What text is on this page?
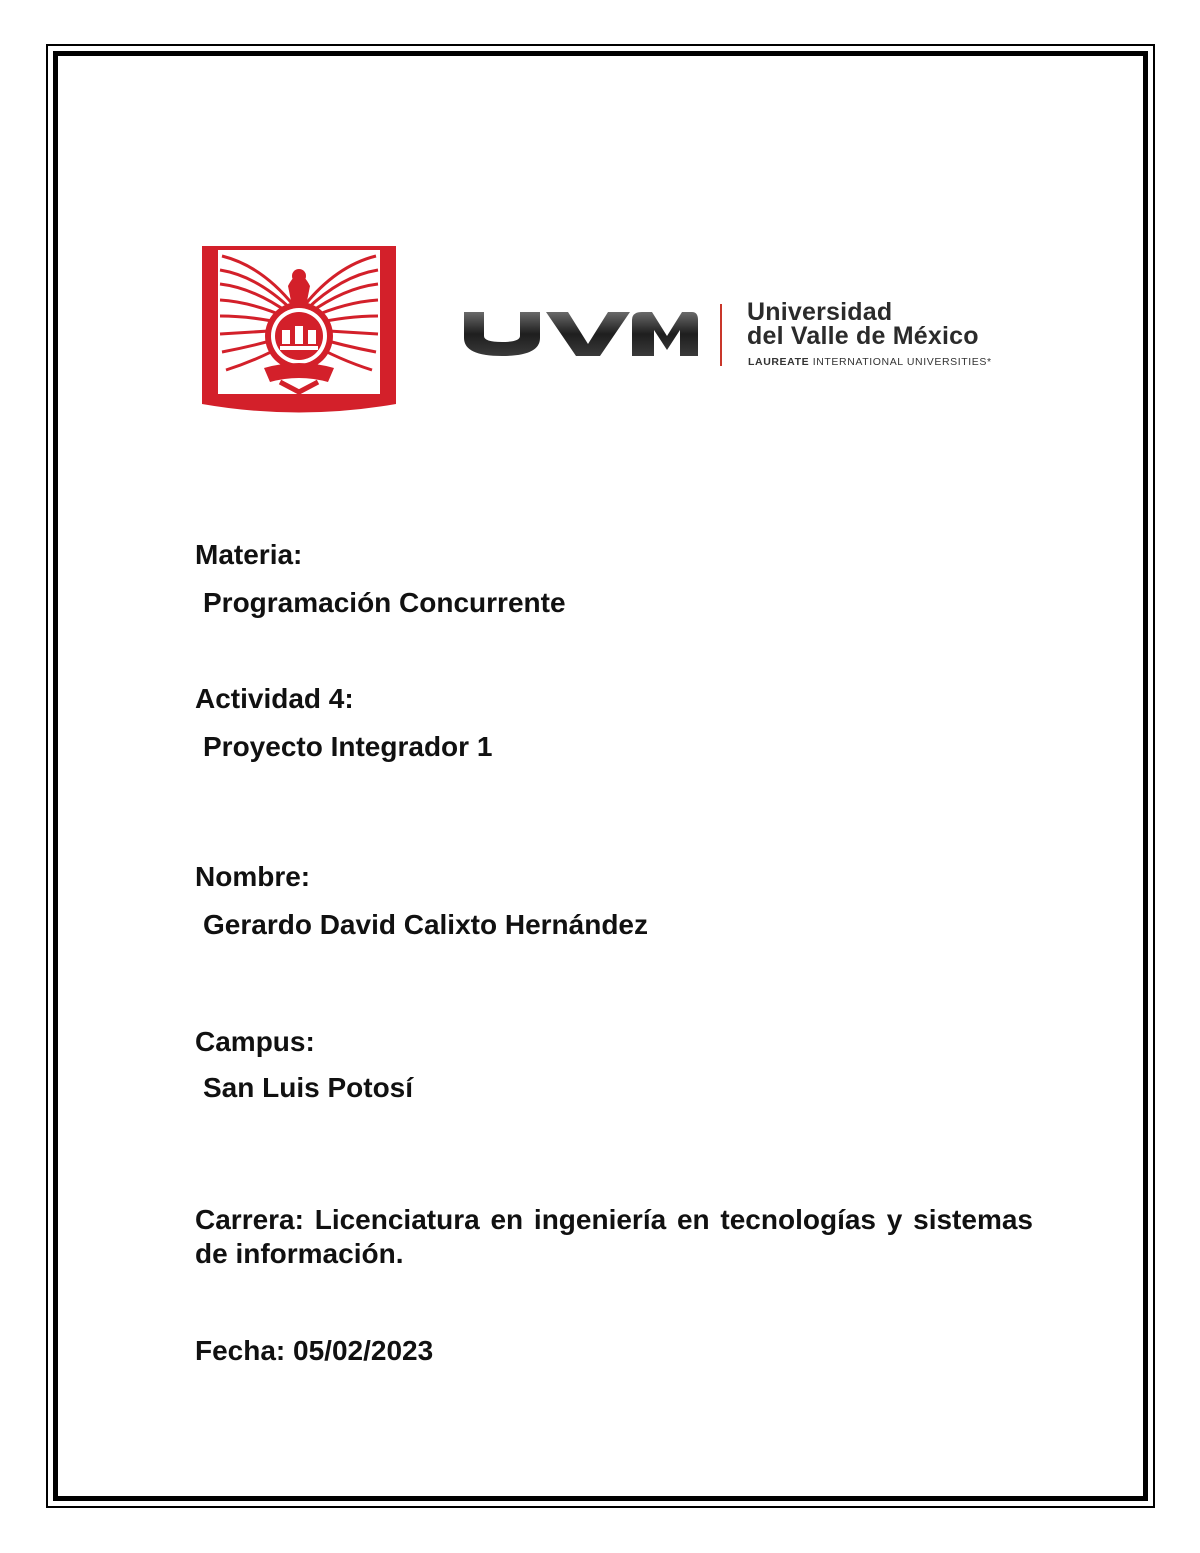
Universidad
del Valle de México
LAUREATE INTERNATIONAL UNIVERSITIES*
Materia:
Programación Concurrente
Actividad 4:
Proyecto Integrador 1
Nombre:
Gerardo David Calixto Hernández
Campus:
San Luis Potosí
Carrera: Licenciatura en ingeniería en tecnologías y sistemas de información.
Fecha: 05/02/2023
